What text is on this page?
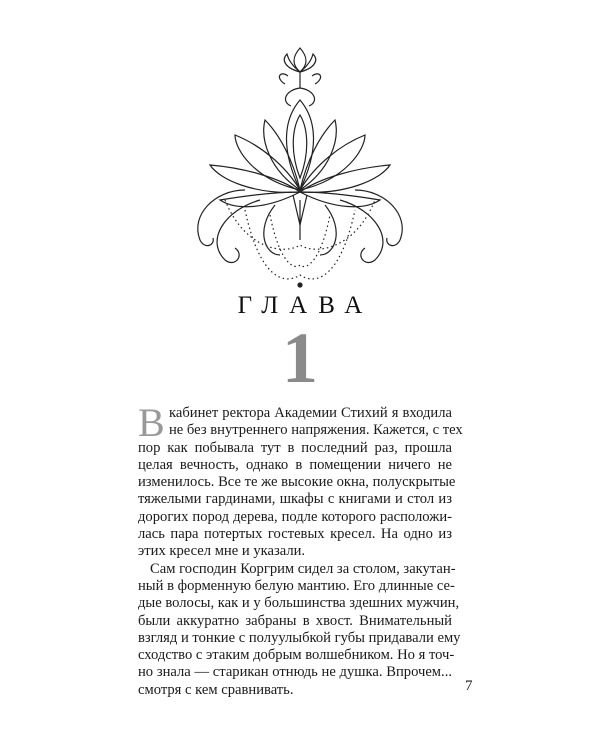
ГЛАВА
1
В кабинет ректора Академии Стихий я входила
не без внутреннего напряжения. Кажется, с тех
пор как побывала тут в последний раз, прошла
целая вечность, однако в помещении ничего не
изменилось. Все те же высокие окна, полускрытые
тяжелыми гардинами, шкафы с книгами и стол из
дорогих пород дерева, подле которого расположи-
лась пара потертых гостевых кресел. На одно из
этих кресел мне и указали.
Сам господин Коргрим сидел за столом, закутан-
ный в форменную белую мантию. Его длинные се-
дые волосы, как и у большинства здешних мужчин,
были аккуратно забраны в хвост. Внимательный
взгляд и тонкие с полуулыбкой губы придавали ему
сходство с этаким добрым волшебником. Но я точ-
но знала — старикан отнюдь не душка. Впрочем...
смотря с кем сравнивать.	7
